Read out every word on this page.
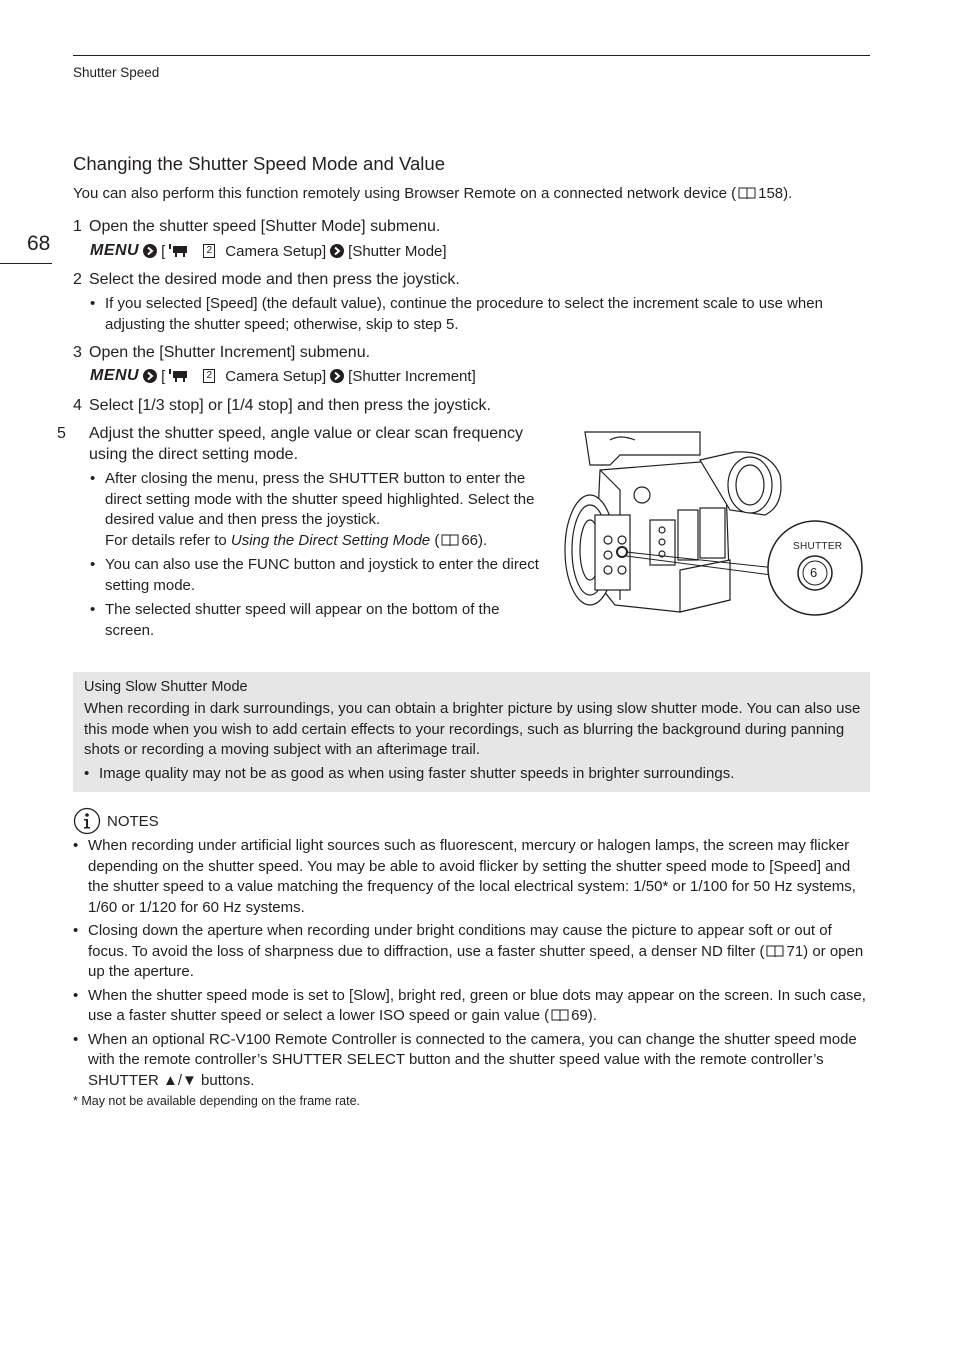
Shutter Speed
68
Changing the Shutter Speed Mode and Value
You can also perform this function remotely using Browser Remote on a connected network device ( 158).
1 Open the shutter speed [Shutter Mode] submenu.
MENU [	2 Camera Setup] [Shutter Mode]
2 Select the desired mode and then press the joystick.
• If you selected [Speed] (the default value), continue the procedure to select the increment scale to use when adjusting the shutter speed; otherwise, skip to step 5.
3 Open the [Shutter Increment] submenu.
MENU [	2 Camera Setup] [Shutter Increment]
4 Select [1/3 stop] or [1/4 stop] and then press the joystick.
5 Adjust the shutter speed, angle value or clear scan frequency using the direct setting mode.
• After closing the menu, press the SHUTTER button to enter the direct setting mode with the shutter speed highlighted. Select the desired value and then press the joystick.
For details refer to Using the Direct Setting Mode ( 66).
• You can also use the FUNC button and joystick to enter the direct setting mode.
• The selected shutter speed will appear on the bottom of the screen.
SHUTTER
6
Using Slow Shutter Mode
When recording in dark surroundings, you can obtain a brighter picture by using slow shutter mode. You can also use this mode when you wish to add certain effects to your recordings, such as blurring the background during panning shots or recording a moving subject with an afterimage trail.
• Image quality may not be as good as when using faster shutter speeds in brighter surroundings.
NOTES
• When recording under artificial light sources such as fluorescent, mercury or halogen lamps, the screen may flicker depending on the shutter speed. You may be able to avoid flicker by setting the shutter speed mode to [Speed] and the shutter speed to a value matching the frequency of the local electrical system: 1/50* or 1/100 for 50 Hz systems, 1/60 or 1/120 for 60 Hz systems.
• Closing down the aperture when recording under bright conditions may cause the picture to appear soft or out of focus. To avoid the loss of sharpness due to diffraction, use a faster shutter speed, a denser ND filter ( 71) or open up the aperture.
• When the shutter speed mode is set to [Slow], bright red, green or blue dots may appear on the screen. In such case, use a faster shutter speed or select a lower ISO speed or gain value ( 69).
• When an optional RC-V100 Remote Controller is connected to the camera, you can change the shutter speed mode with the remote controller’s SHUTTER SELECT button and the shutter speed value with the remote controller’s SHUTTER ▲/▼ buttons.
* May not be available depending on the frame rate.
